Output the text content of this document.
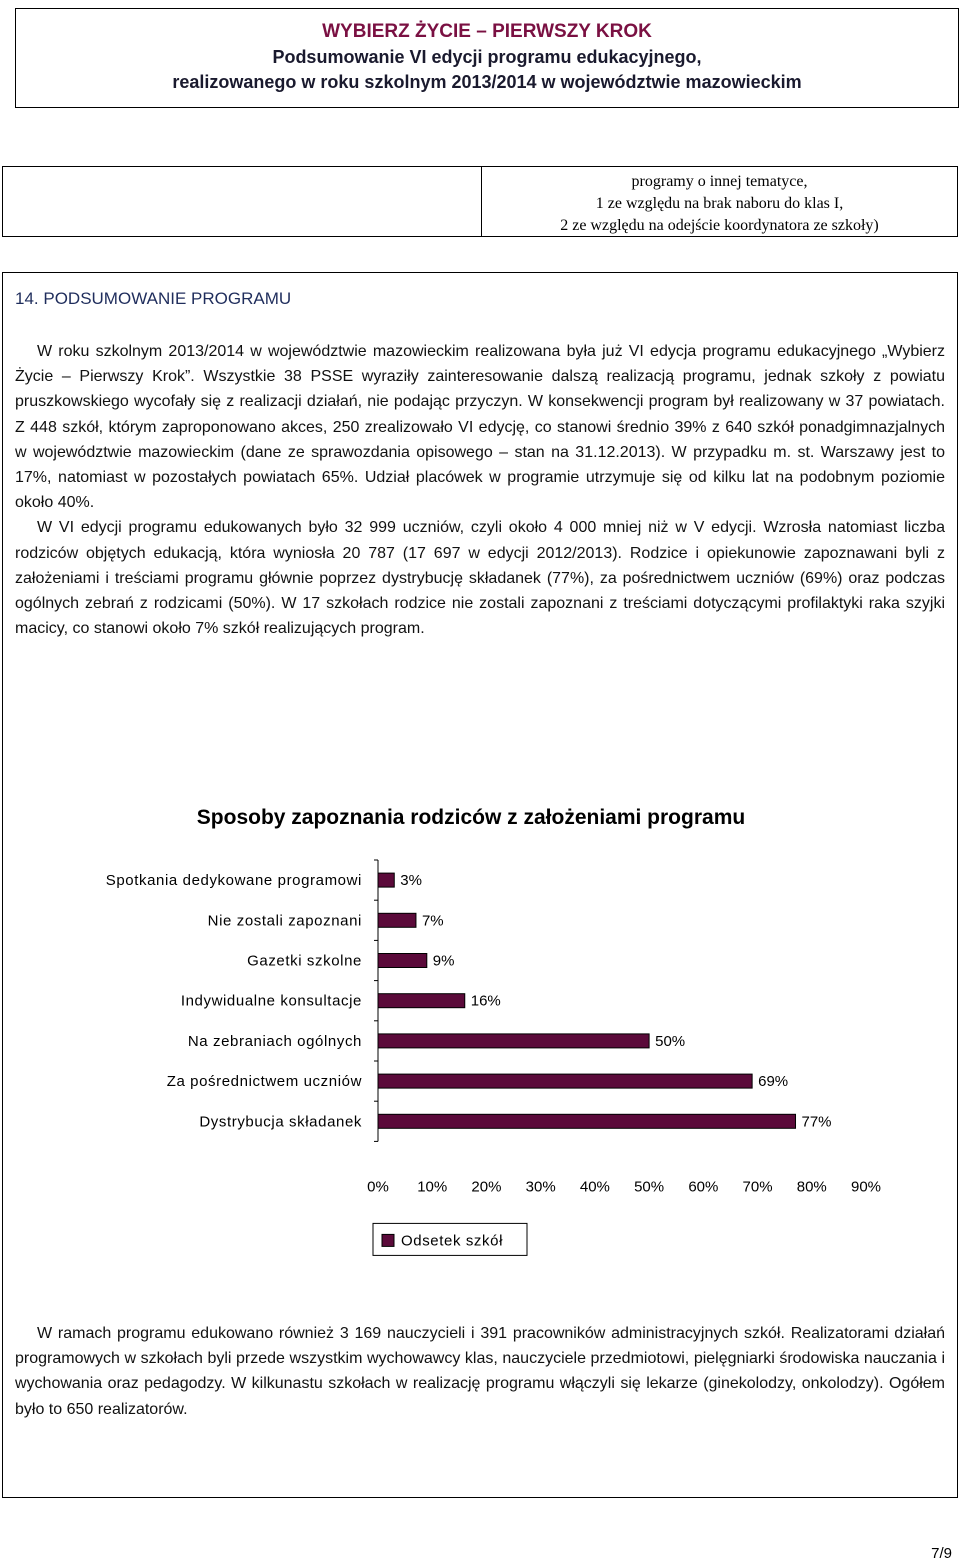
WYBIERZ ŻYCIE – PIERWSZY KROK
Podsumowanie VI edycji programu edukacyjnego,
realizowanego w roku szkolnym 2013/2014 w województwie mazowieckim
programy o innej tematyce,
1 ze względu na brak naboru do klas I,
2 ze względu na odejście koordynatora ze szkoły)
14. PODSUMOWANIE PROGRAMU

W roku szkolnym 2013/2014 w województwie mazowieckim realizowana była już VI edycja programu edukacyjnego „Wybierz Życie – Pierwszy Krok”. Wszystkie 38 PSSE wyraziły zainteresowanie dalszą realizacją programu, jednak szkoły z powiatu pruszkowskiego wycofały się z realizacji działań, nie podając przyczyn. W konsekwencji program był realizowany w 37 powiatach. Z 448 szkół, którym zaproponowano akces, 250 zrealizowało VI edycję, co stanowi średnio 39% z 640 szkół ponadgimnazjalnych w województwie mazowieckim (dane ze sprawozdania opisowego – stan na 31.12.2013). W przypadku m. st. Warszawy jest to 17%, natomiast w pozostałych powiatach 65%. Udział placówek w programie utrzymuje się od kilku lat na podobnym poziomie około 40%.

W VI edycji programu edukowanych było 32 999 uczniów, czyli około 4 000 mniej niż w V edycji. Wzrosła natomiast liczba rodziców objętych edukacją, która wyniosła 20 787 (17 697 w edycji 2012/2013). Rodzice i opiekunowie zapoznawani byli z założeniami i treściami programu głównie poprzez dystrybucję składanek (77%), za pośrednictwem uczniów (69%) oraz podczas ogólnych zebrań z rodzicami (50%). W 17 szkołach rodzice nie zostali zapoznani z treściami dotyczącymi profilaktyki raka szyjki macicy, co stanowi około 7% szkół realizujących program.

Sposoby zapoznania rodziców z założeniami programu
Spotkania dedykowane programowi	3%
Nie zostali zapoznani	7%
Gazetki szkolne	9%
Indywidualne konsultacje	16%
Na zebraniach ogólnych	50%
Za pośrednictwem uczniów	69%
Dystrybucja składanek	77%
0% 10% 20% 30% 40% 50% 60% 70% 80% 90%
Odsetek szkół

W ramach programu edukowano również 3 169 nauczycieli i 391 pracowników administracyjnych szkół. Realizatorami działań programowych w szkołach byli przede wszystkim wychowawcy klas, nauczyciele przedmiotowi, pielęgniarki środowiska nauczania i wychowania oraz pedagodzy. W kilkunastu szkołach w realizację programu włączyli się lekarze (ginekolodzy, onkolodzy). Ogółem było to 650 realizatorów.

7/9
